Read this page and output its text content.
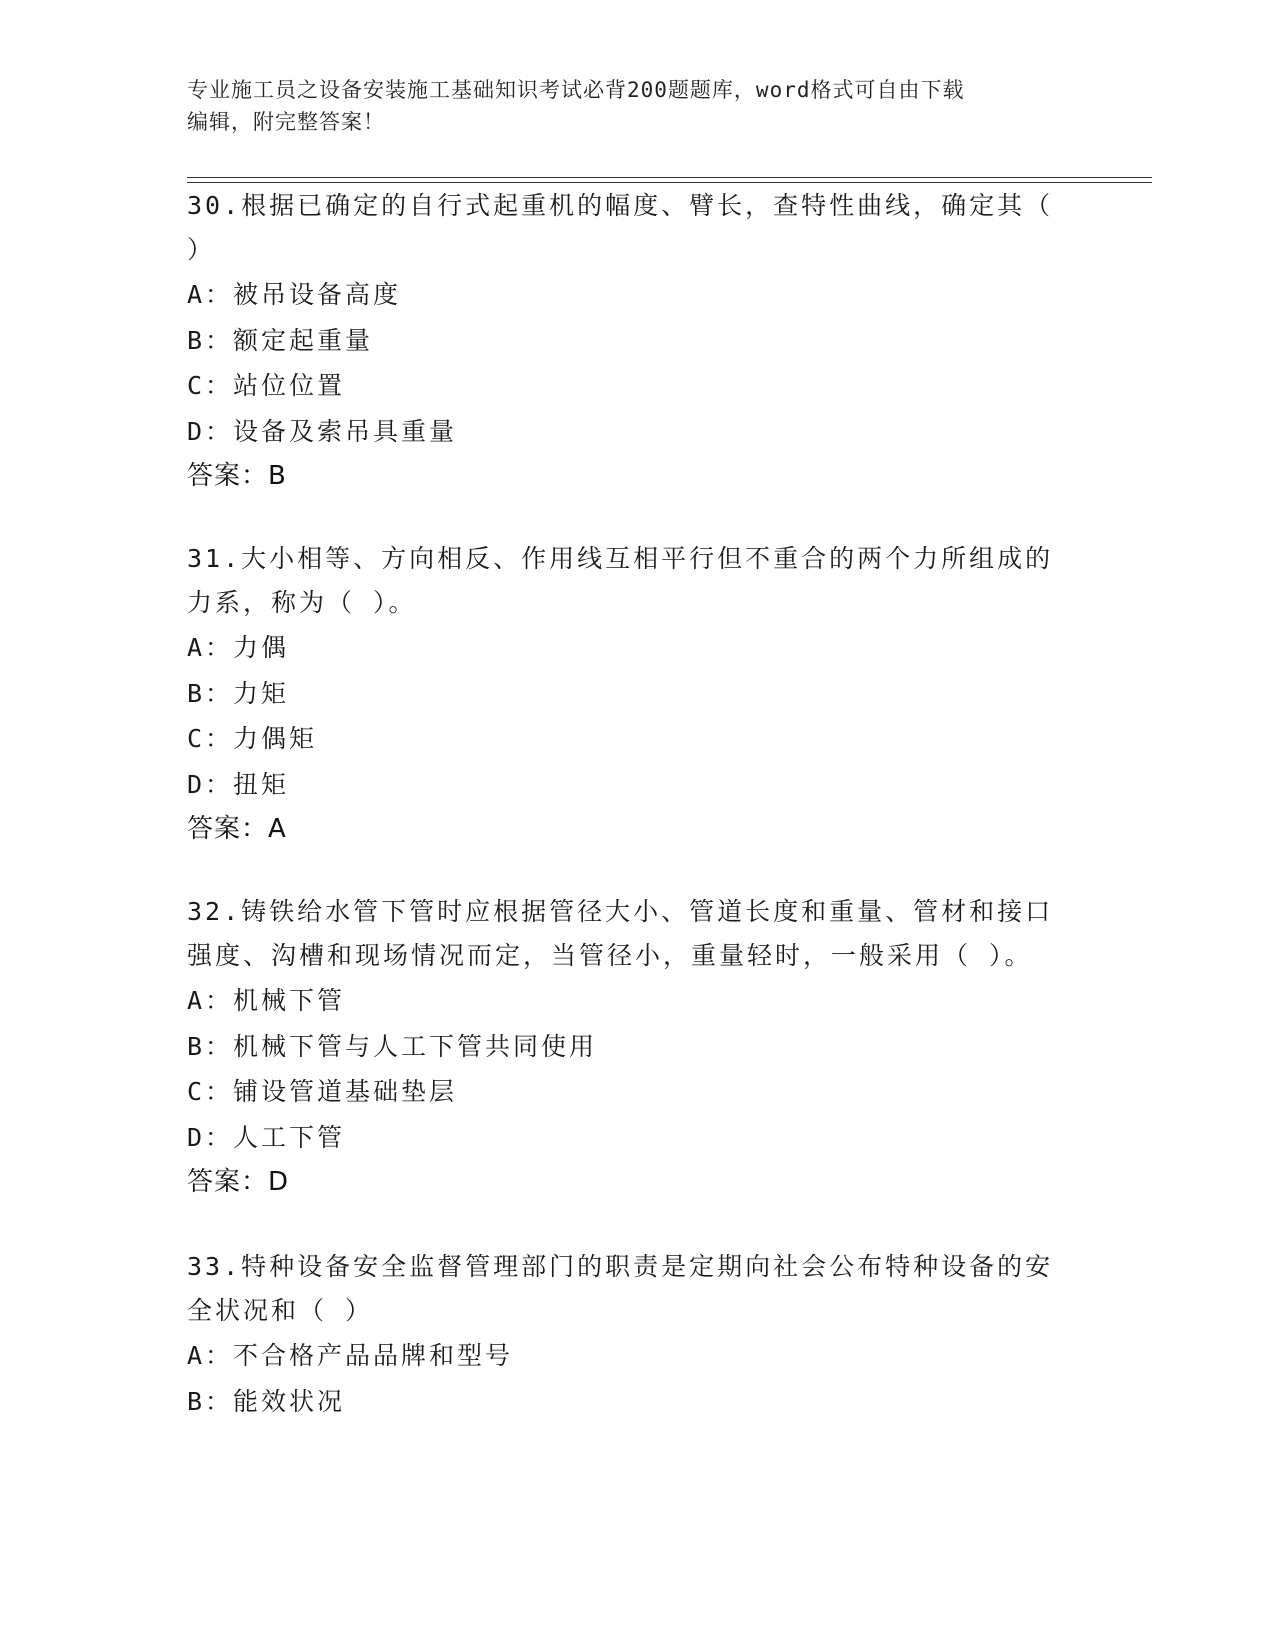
专业施工员之设备安装施工基础知识考试必背200题题库，word格式可自由下载
编辑，附完整答案！

30.根据已确定的自行式起重机的幅度、臂长，查特性曲线，确定其（

）

A：被吊设备高度

B：额定起重量

C：站位位置

D：设备及索吊具重量

答案：B

31.大小相等、方向相反、作用线互相平行但不重合的两个力所组成的

力系，称为（ ）。

A：力偶

B：力矩

C：力偶矩

D：扭矩

答案：A

32.铸铁给水管下管时应根据管径大小、管道长度和重量、管材和接口

强度、沟槽和现场情况而定，当管径小，重量轻时，一般采用（ ）。

A：机械下管

B：机械下管与人工下管共同使用

C：铺设管道基础垫层

D：人工下管

答案：D

33.特种设备安全监督管理部门的职责是定期向社会公布特种设备的安

全状况和（ ）

A：不合格产品品牌和型号

B：能效状况
